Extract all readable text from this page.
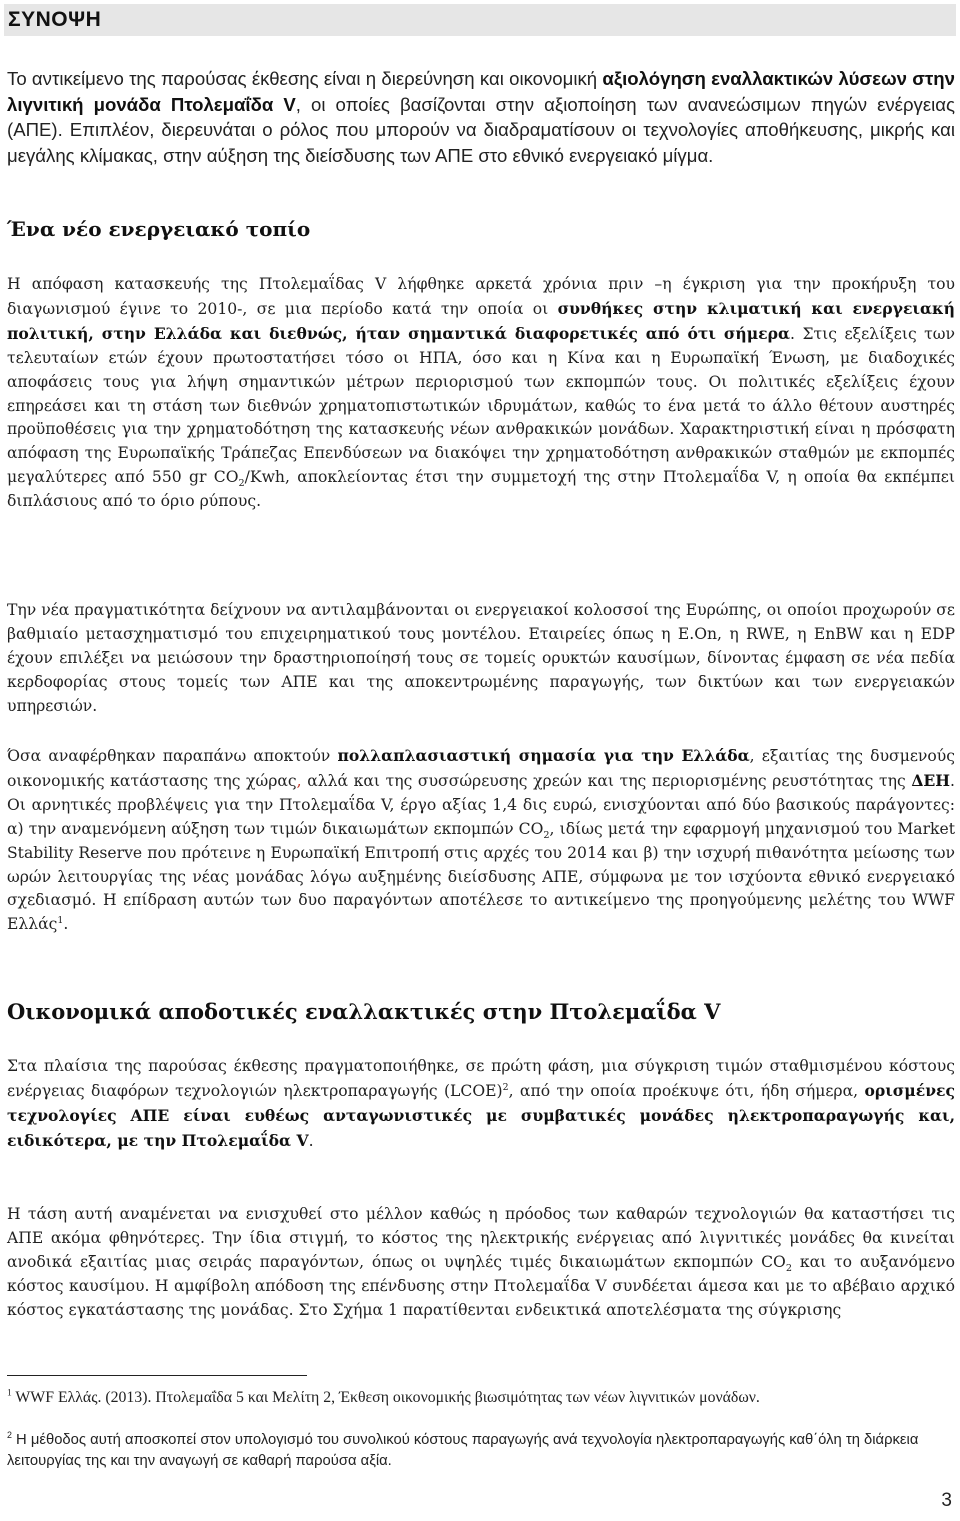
ΣΥΝΟΨΗ

Το αντικείμενο της παρούσας έκθεσης είναι η διερεύνηση και οικονομική αξιολόγηση εναλλακτικών λύσεων στην λιγνιτική μονάδα Πτολεμαΐδα V, οι οποίες βασίζονται στην αξιοποίηση των ανανεώσιμων πηγών ενέργειας (ΑΠΕ). Επιπλέον, διερευνάται ο ρόλος που μπορούν να διαδραματίσουν οι τεχνολογίες αποθήκευσης, μικρής και μεγάλης κλίμακας, στην αύξηση της διείσδυσης των ΑΠΕ στο εθνικό ενεργειακό μίγμα.

Ένα νέο ενεργειακό τοπίο

Η απόφαση κατασκευής της Πτολεμαΐδας V λήφθηκε αρκετά χρόνια πριν –η έγκριση για την προκήρυξη του διαγωνισμού έγινε το 2010-, σε μια περίοδο κατά την οποία οι συνθήκες στην κλιματική και ενεργειακή πολιτική, στην Ελλάδα και διεθνώς, ήταν σημαντικά διαφορετικές από ότι σήμερα. Στις εξελίξεις των τελευταίων ετών έχουν πρωτοστατήσει τόσο οι ΗΠΑ, όσο και η Κίνα και η Ευρωπαϊκή Ένωση, με διαδοχικές αποφάσεις τους για λήψη σημαντικών μέτρων περιορισμού των εκπομπών τους. Οι πολιτικές εξελίξεις έχουν επηρεάσει και τη στάση των διεθνών χρηματοπιστωτικών ιδρυμάτων, καθώς το ένα μετά το άλλο θέτουν αυστηρές προϋποθέσεις για την χρηματοδότηση της κατασκευής νέων ανθρακικών μονάδων. Χαρακτηριστική είναι η πρόσφατη απόφαση της Ευρωπαϊκής Τράπεζας Επενδύσεων να διακόψει την χρηματοδότηση ανθρακικών σταθμών με εκπομπές μεγαλύτερες από 550 gr $CO_2$/Kwh, αποκλείοντας έτσι την συμμετοχή της στην Πτολεμαΐδα V, η οποία θα εκπέμπει διπλάσιους από το όριο ρύπους.

Την νέα πραγματικότητα δείχνουν να αντιλαμβάνονται οι ενεργειακοί κολοσσοί της Ευρώπης, οι οποίοι προχωρούν σε βαθμιαίο μετασχηματισμό του επιχειρηματικού τους μοντέλου. Εταιρείες όπως η E.On, η RWE, η EnBW και η EDP έχουν επιλέξει να μειώσουν την δραστηριοποίησή τους σε τομείς ορυκτών καυσίμων, δίνοντας έμφαση σε νέα πεδία κερδοφορίας στους τομείς των ΑΠΕ και της αποκεντρωμένης παραγωγής, των δικτύων και των ενεργειακών υπηρεσιών.

Όσα αναφέρθηκαν παραπάνω αποκτούν πολλαπλασιαστική σημασία για την Ελλάδα, εξαιτίας της δυσμενούς οικονομικής κατάστασης της χώρας, αλλά και της συσσώρευσης χρεών και της περιορισμένης ρευστότητας της ΔΕΗ. Οι αρνητικές προβλέψεις για την Πτολεμαΐδα V, έργο αξίας 1,4 δις ευρώ, ενισχύονται από δύο βασικούς παράγοντες: α) την αναμενόμενη αύξηση των τιμών δικαιωμάτων εκπομπών $CO_2$, ιδίως μετά την εφαρμογή μηχανισμού του Market Stability Reserve που πρότεινε η Ευρωπαϊκή Επιτροπή στις αρχές του 2014 και β) την ισχυρή πιθανότητα μείωσης των ωρών λειτουργίας της νέας μονάδας λόγω αυξημένης διείσδυσης ΑΠΕ, σύμφωνα με τον ισχύοντα εθνικό ενεργειακό σχεδιασμό. Η επίδραση αυτών των δυο παραγόντων αποτέλεσε το αντικείμενο της προηγούμενης μελέτης του WWF Ελλάς$^1$.

Οικονομικά αποδοτικές εναλλακτικές στην Πτολεμαΐδα V

Στα πλαίσια της παρούσας έκθεσης πραγματοποιήθηκε, σε πρώτη φάση, μια σύγκριση τιμών σταθμισμένου κόστους ενέργειας διαφόρων τεχνολογιών ηλεκτροπαραγωγής (LCOE)$^2$, από την οποία προέκυψε ότι, ήδη σήμερα, ορισμένες τεχνολογίες ΑΠΕ είναι ευθέως ανταγωνιστικές με συμβατικές μονάδες ηλεκτροπαραγωγής και, ειδικότερα, με την Πτολεμαΐδα V.

Η τάση αυτή αναμένεται να ενισχυθεί στο μέλλον καθώς η πρόοδος των καθαρών τεχνολογιών θα καταστήσει τις ΑΠΕ ακόμα φθηνότερες. Την ίδια στιγμή, το κόστος της ηλεκτρικής ενέργειας από λιγνιτικές μονάδες θα κινείται ανοδικά εξαιτίας μιας σειράς παραγόντων, όπως οι υψηλές τιμές δικαιωμάτων εκπομπών $CO_2$ και το αυξανόμενο κόστος καυσίμου. Η αμφίβολη απόδοση της επένδυσης στην Πτολεμαΐδα V συνδέεται άμεσα και με το αβέβαιο αρχικό κόστος εγκατάστασης της μονάδας. Στο Σχήμα 1 παρατίθενται ενδεικτικά αποτελέσματα της σύγκρισης

$^1$ WWF Ελλάς. (2013). Πτολεμαΐδα 5 και Μελίτη 2, Έκθεση οικονομικής βιωσιμότητας των νέων λιγνιτικών μονάδων.

$^2$ Η μέθοδος αυτή αποσκοπεί στον υπολογισμό του συνολικού κόστους παραγωγής ανά τεχνολογία ηλεκτροπαραγωγής καθ΄όλη τη διάρκεια λειτουργίας της και την αναγωγή σε καθαρή παρούσα αξία.

3
